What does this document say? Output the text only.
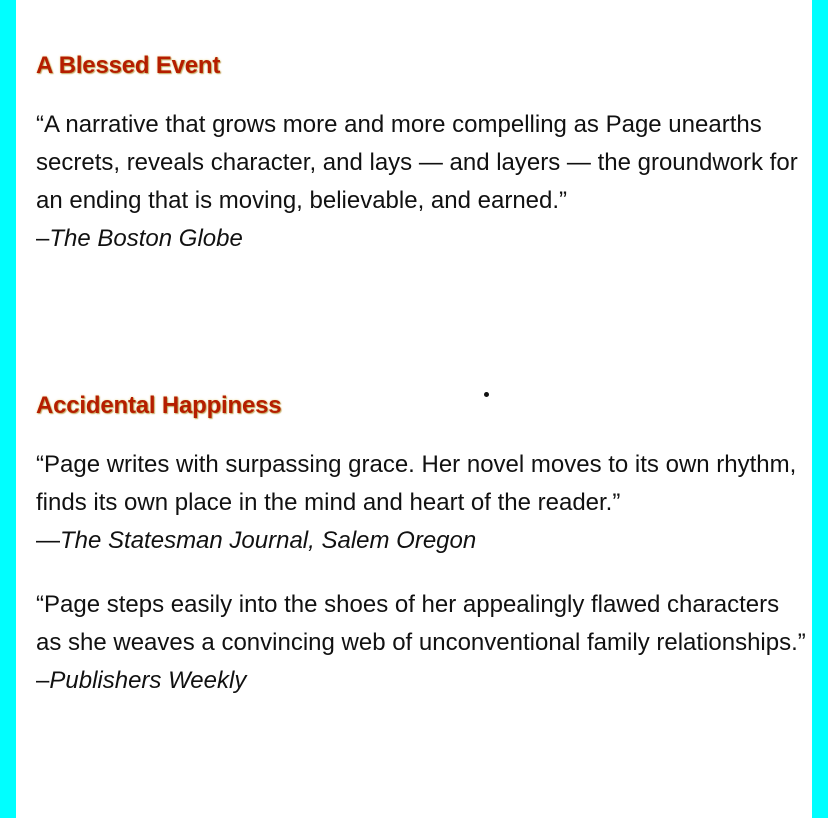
A Blessed Event

“A narrative that grows more and more compelling as Page unearths secrets, reveals character, and lays — and layers — the groundwork for an ending that is moving, believable, and earned.”

–The Boston Globe

Accidental Happiness

“Page writes with surpassing grace. Her novel moves to its own rhythm, finds its own place in the mind and heart of the reader.”

—The Statesman Journal, Salem Oregon

“Page steps easily into the shoes of her appealingly flawed characters as she weaves a convincing web of unconventional family relationships.”

–Publishers Weekly
